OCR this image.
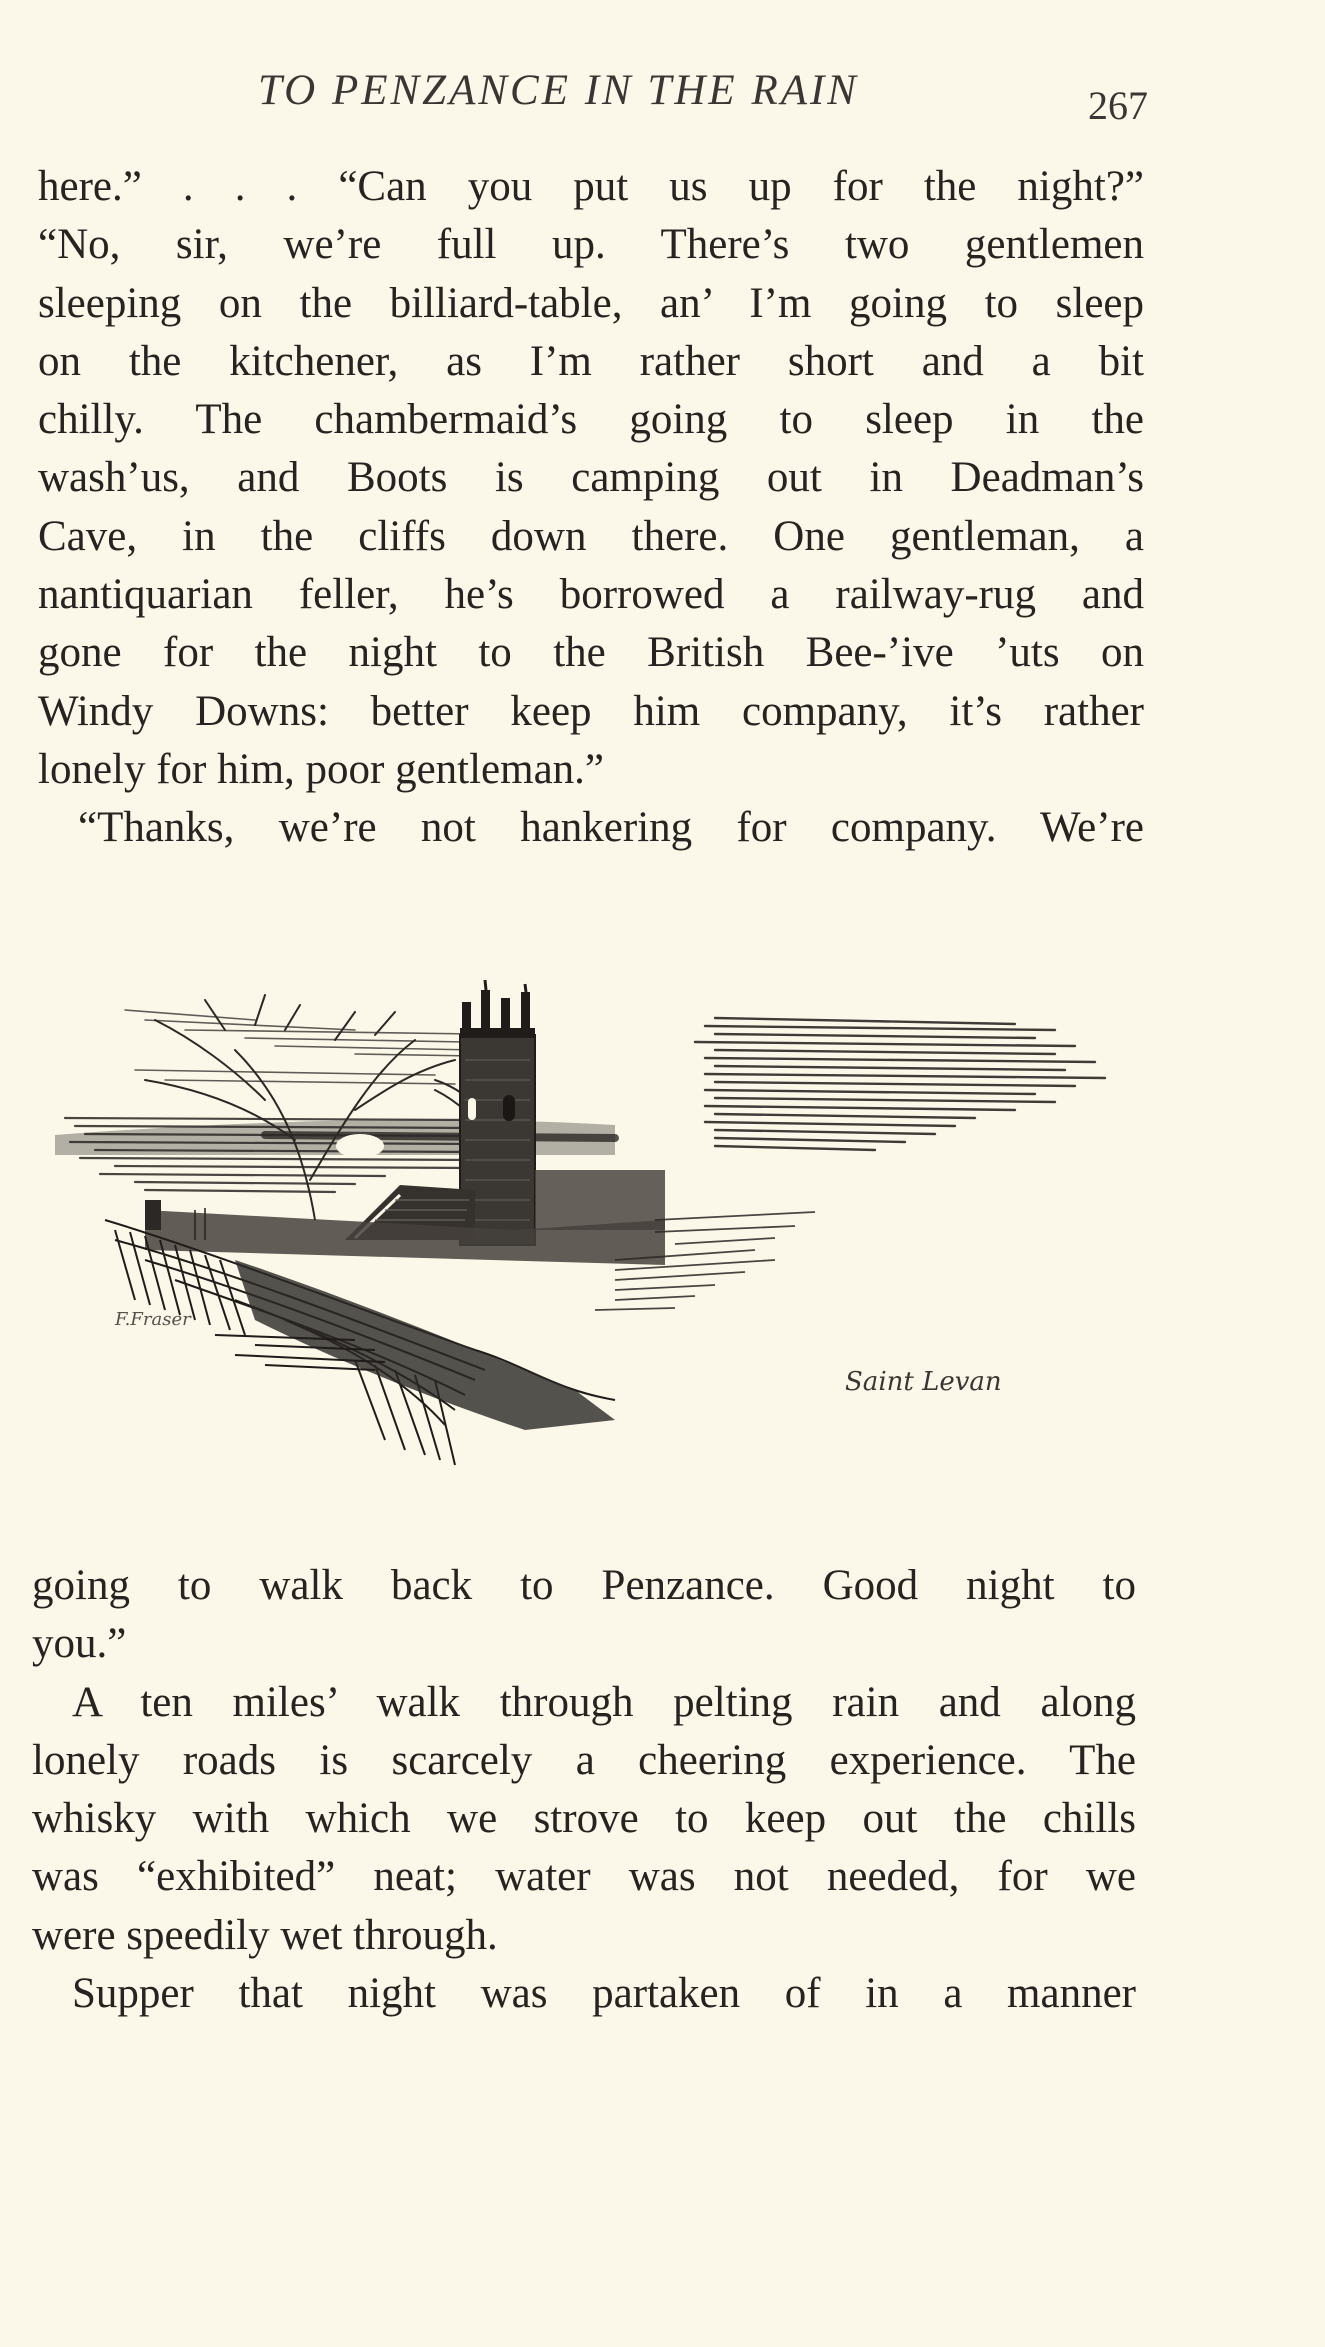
TO PENZANCE IN THE RAIN	267
here.” . . . “Can you put us up for the night?”
“No, sir, we’re full up. There’s two gentlemen
sleeping on the billiard-table, an’ I’m going to sleep
on the kitchener, as I’m rather short and a bit
chilly. The chambermaid’s going to sleep in the
wash’us, and Boots is camping out in Deadman’s
Cave, in the cliffs down there. One gentleman, a
nantiquarian feller, he’s borrowed a railway-rug and
gone for the night to the British Bee-’ive ’uts on
Windy Downs: better keep him company, it’s rather
lonely for him, poor gentleman.”
“Thanks, we’re not hankering for company. We’re
F.Fraser
Saint Levan
going to walk back to Penzance. Good night to
you.”
A ten miles’ walk through pelting rain and along
lonely roads is scarcely a cheering experience. The
whisky with which we strove to keep out the chills
was “exhibited” neat; water was not needed, for we
were speedily wet through.
Supper that night was partaken of in a manner
